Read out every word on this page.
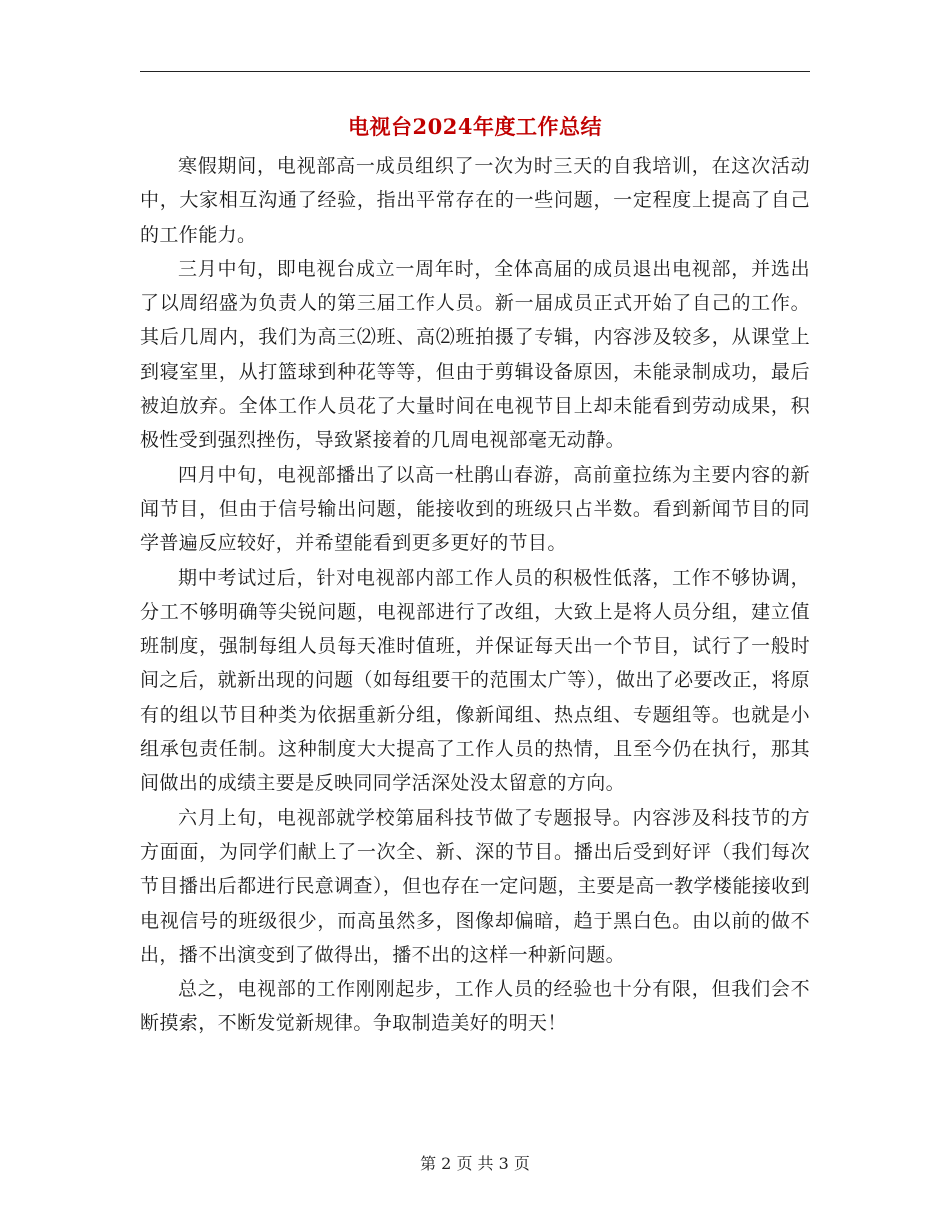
电视台2024年度工作总结

寒假期间，电视部高一成员组织了一次为时三天的自我培训，在这次活动中，大家相互沟通了经验，指出平常存在的一些问题，一定程度上提高了自己的工作能力。

三月中旬，即电视台成立一周年时，全体高届的成员退出电视部，并选出了以周绍盛为负责人的第三届工作人员。新一届成员正式开始了自己的工作。其后几周内，我们为高三⑵班、高⑵班拍摄了专辑，内容涉及较多，从课堂上到寝室里，从打篮球到种花等等，但由于剪辑设备原因，未能录制成功，最后被迫放弃。全体工作人员花了大量时间在电视节目上却未能看到劳动成果，积极性受到强烈挫伤，导致紧接着的几周电视部毫无动静。

四月中旬，电视部播出了以高一杜鹃山春游，高前童拉练为主要内容的新闻节目，但由于信号输出问题，能接收到的班级只占半数。看到新闻节目的同学普遍反应较好，并希望能看到更多更好的节目。

期中考试过后，针对电视部内部工作人员的积极性低落，工作不够协调，分工不够明确等尖锐问题，电视部进行了改组，大致上是将人员分组，建立值班制度，强制每组人员每天准时值班，并保证每天出一个节目，试行了一般时间之后，就新出现的问题（如每组要干的范围太广等），做出了必要改正，将原有的组以节目种类为依据重新分组，像新闻组、热点组、专题组等。也就是小组承包责任制。这种制度大大提高了工作人员的热情，且至今仍在执行，那其间做出的成绩主要是反映同同学活深处没太留意的方向。

六月上旬，电视部就学校第届科技节做了专题报导。内容涉及科技节的方方面面，为同学们献上了一次全、新、深的节目。播出后受到好评（我们每次节目播出后都进行民意调查），但也存在一定问题，主要是高一教学楼能接收到电视信号的班级很少，而高虽然多，图像却偏暗，趋于黑白色。由以前的做不出，播不出演变到了做得出，播不出的这样一种新问题。

总之，电视部的工作刚刚起步，工作人员的经验也十分有限，但我们会不断摸索，不断发觉新规律。争取制造美好的明天！

第 2 页 共 3 页
